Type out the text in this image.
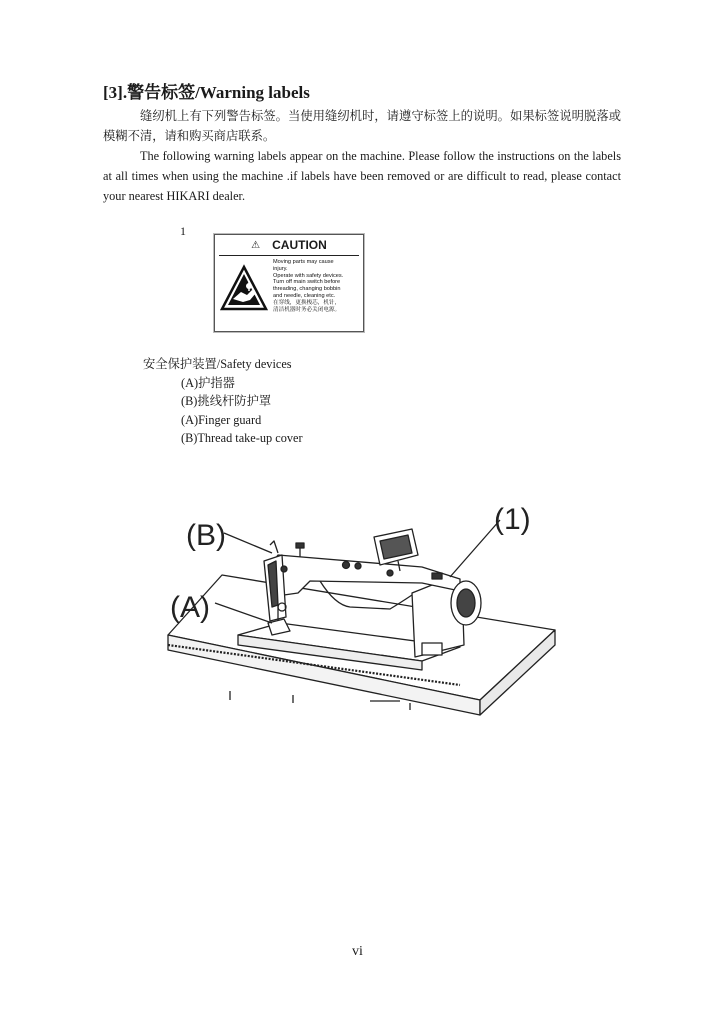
[3].警告标签/Warning labels
缝纫机上有下列警告标签。当使用缝纫机时，请遵守标签上的说明。如果标签说明脱落或模糊不清，请和购买商店联系。
The following warning labels appear on the machine. Please follow the instructions on the labels at all times when using the machine .if labels have been removed or are difficult to read, please contact your nearest HIKARI dealer.
1
⚠ CAUTION
Moving parts may cause
injury.
Operate with safety devices.
Turn off main switch before
threading, changing bobbin
and needle, cleaning etc.
在穿线，更换梭芯，机针，
清洁机器时务必关闭电源。
安全保护装置/Safety devices
(A)护指器
(B)挑线杆防护罩
(A)Finger guard
(B)Thread take-up cover
(B)
(A)
(1)
vi
